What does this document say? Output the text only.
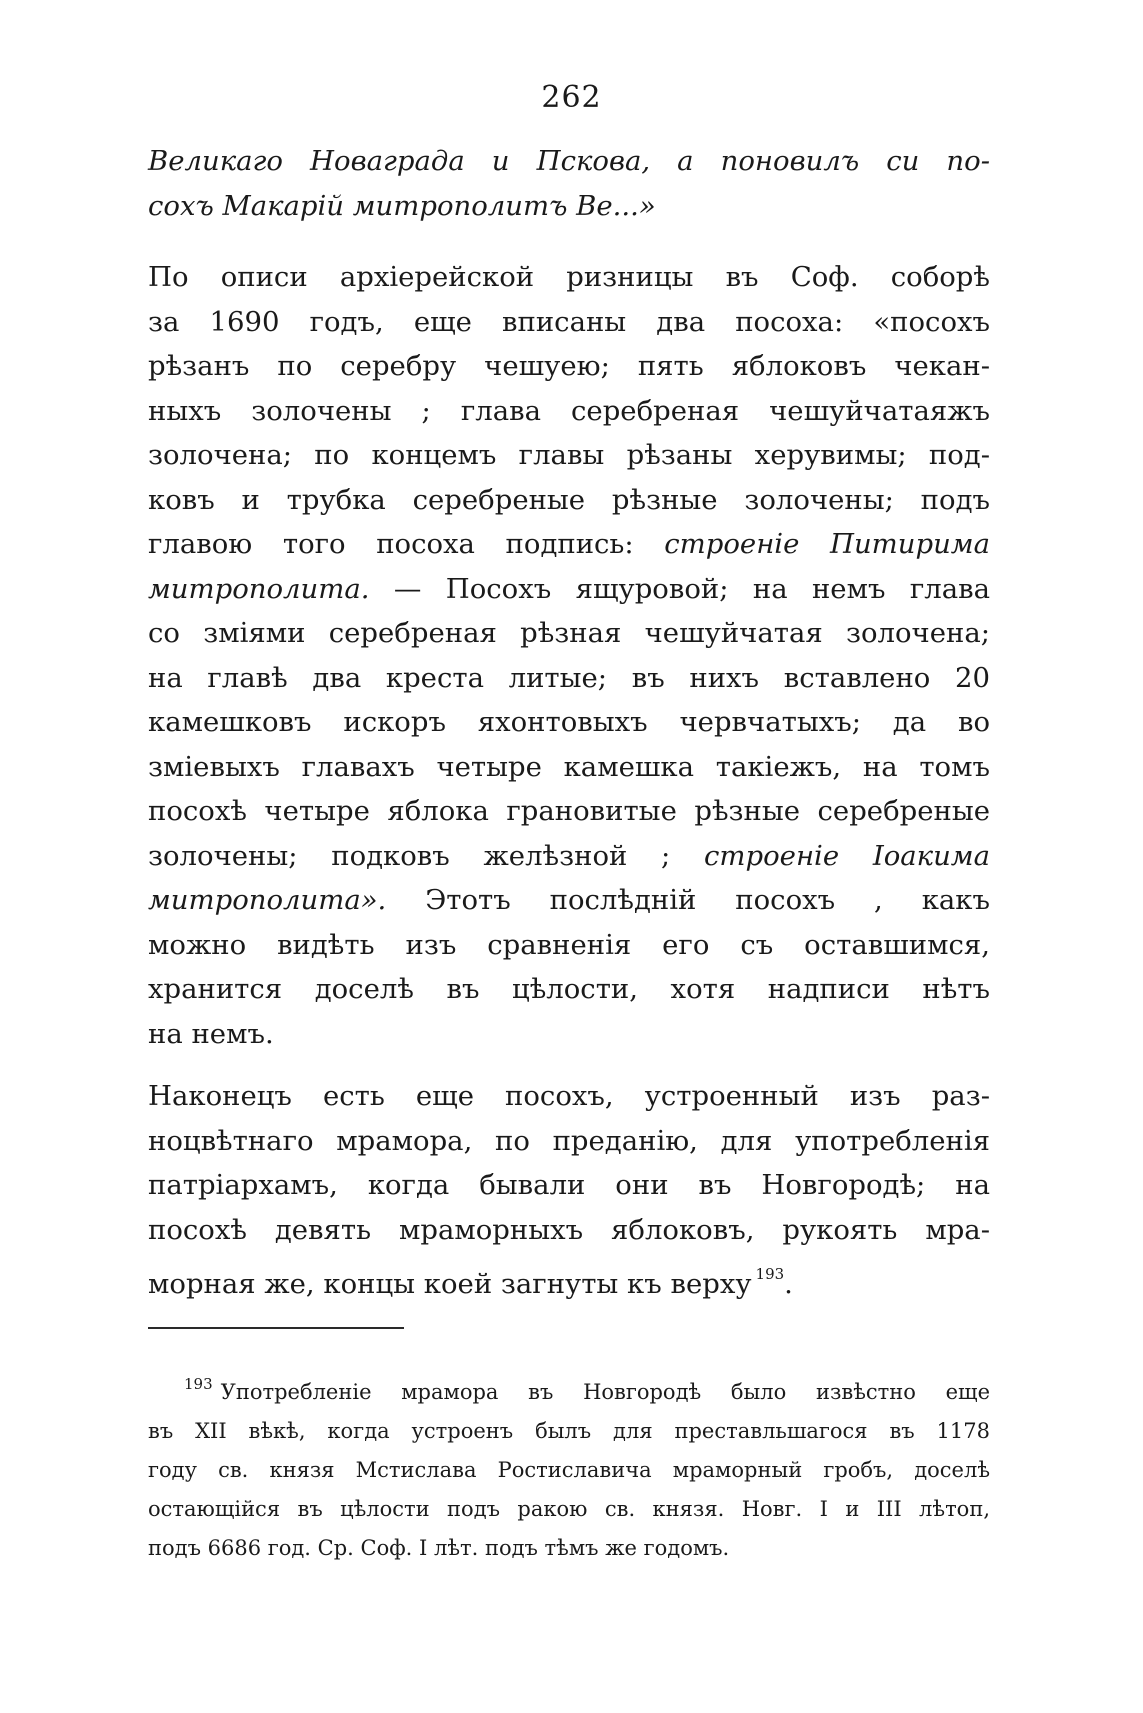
262
Великаго Новаграда и Пскова, а поновилъ си по-
сохъ Макарій митрополитъ Ве...»
По описи архіерейской ризницы въ Соф. соборѣ
за 1690 годъ, еще вписаны два посоха: «посохъ
рѣзанъ по серебру чешуею; пять яблоковъ чекан-
ныхъ золочены ; глава серебреная чешуйчатаяжъ
золочена; по концемъ главы рѣзаны херувимы; под-
ковъ и трубка серебреные рѣзные золочены; подъ
главою того посоха подпись: строеніе Питирима
митрополита. — Посохъ ящуровой; на немъ глава
со зміями серебреная рѣзная чешуйчатая золочена;
на главѣ два креста литые; въ нихъ вставлено 20
камешковъ искоръ яхонтовыхъ червчатыхъ; да во
зміевыхъ главахъ четыре камешка такіежъ, на томъ
посохѣ четыре яблока грановитые рѣзные серебреные
золочены; подковъ желѣзной ; строеніе Іоакима
митрополита». Этотъ послѣдній посохъ , какъ
можно видѣть изъ сравненія его съ оставшимся,
хранится доселѣ въ цѣлости, хотя надписи нѣтъ
на немъ.
Наконецъ есть еще посохъ, устроенный изъ раз-
ноцвѣтнаго мрамора, по преданію, для употребленія
патріархамъ, когда бывали они въ Новгородѣ; на
посохѣ девять мраморныхъ яблоковъ, рукоять мра-
морная же, концы коей загнуты къ верху $^{193}$.
$^{193}$ Употребленіе мрамора въ Новгородѣ было извѣстно еще
въ XII вѣкѣ, когда устроенъ былъ для преставльшагося въ 1178
году св. князя Мстислава Ростиславича мраморный гробъ, доселѣ
остающійся въ цѣлости подъ ракою св. князя. Новг. I и III лѣтоп,
подъ 6686 год. Ср. Соф. I лѣт. подъ тѣмъ же годомъ.
